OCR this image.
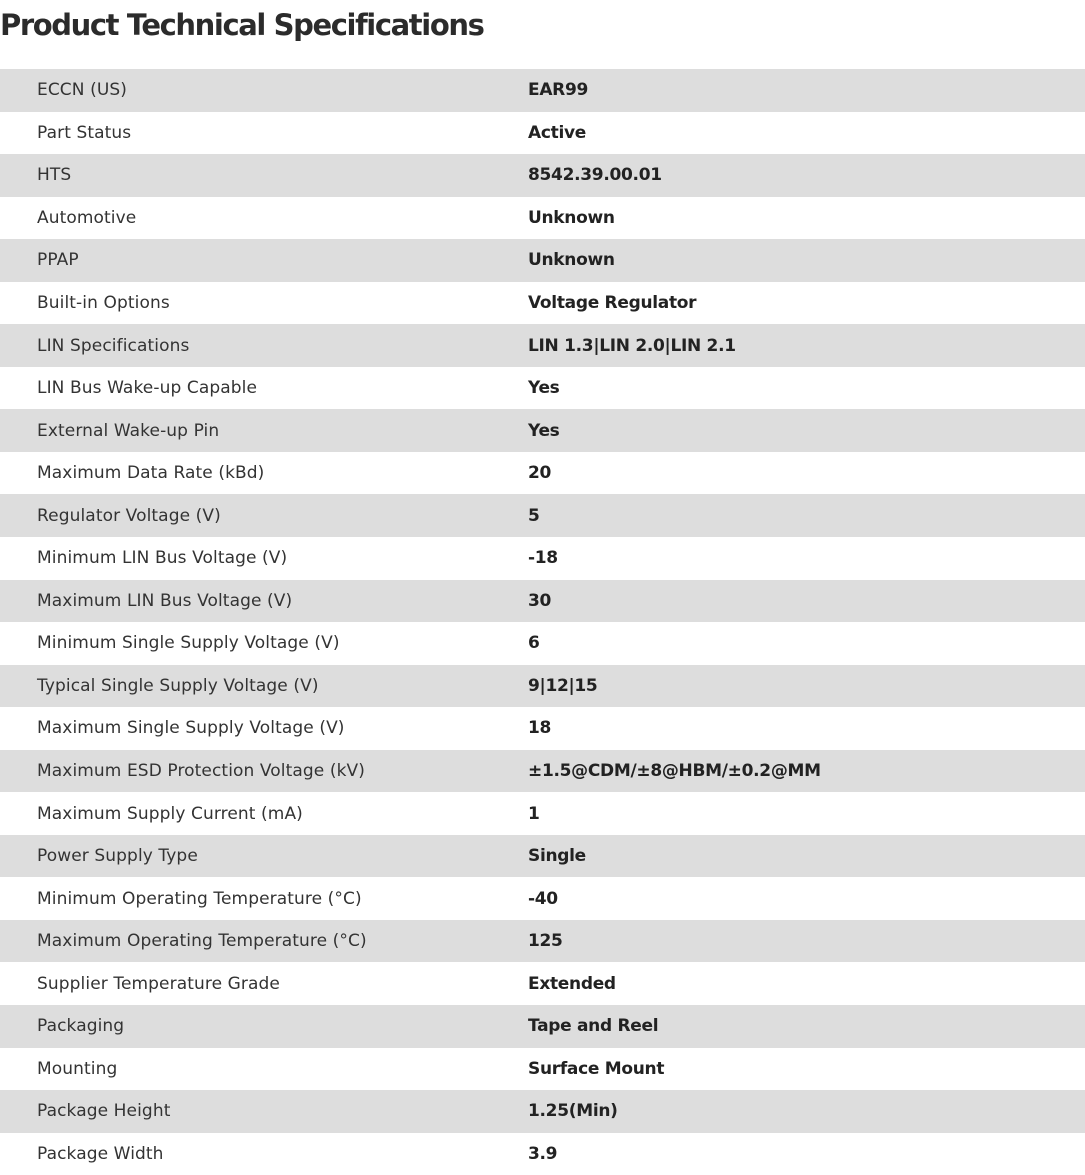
Product Technical Specifications
ECCN (US)	EAR99
Part Status	Active
HTS	8542.39.00.01
Automotive	Unknown
PPAP	Unknown
Built-in Options	Voltage Regulator
LIN Specifications	LIN 1.3|LIN 2.0|LIN 2.1
LIN Bus Wake-up Capable	Yes
External Wake-up Pin	Yes
Maximum Data Rate (kBd)	20
Regulator Voltage (V)	5
Minimum LIN Bus Voltage (V)	-18
Maximum LIN Bus Voltage (V)	30
Minimum Single Supply Voltage (V)	6
Typical Single Supply Voltage (V)	9|12|15
Maximum Single Supply Voltage (V)	18
Maximum ESD Protection Voltage (kV)	±1.5@CDM/±8@HBM/±0.2@MM
Maximum Supply Current (mA)	1
Power Supply Type	Single
Minimum Operating Temperature (°C)	-40
Maximum Operating Temperature (°C)	125
Supplier Temperature Grade	Extended
Packaging	Tape and Reel
Mounting	Surface Mount
Package Height	1.25(Min)
Package Width	3.9
